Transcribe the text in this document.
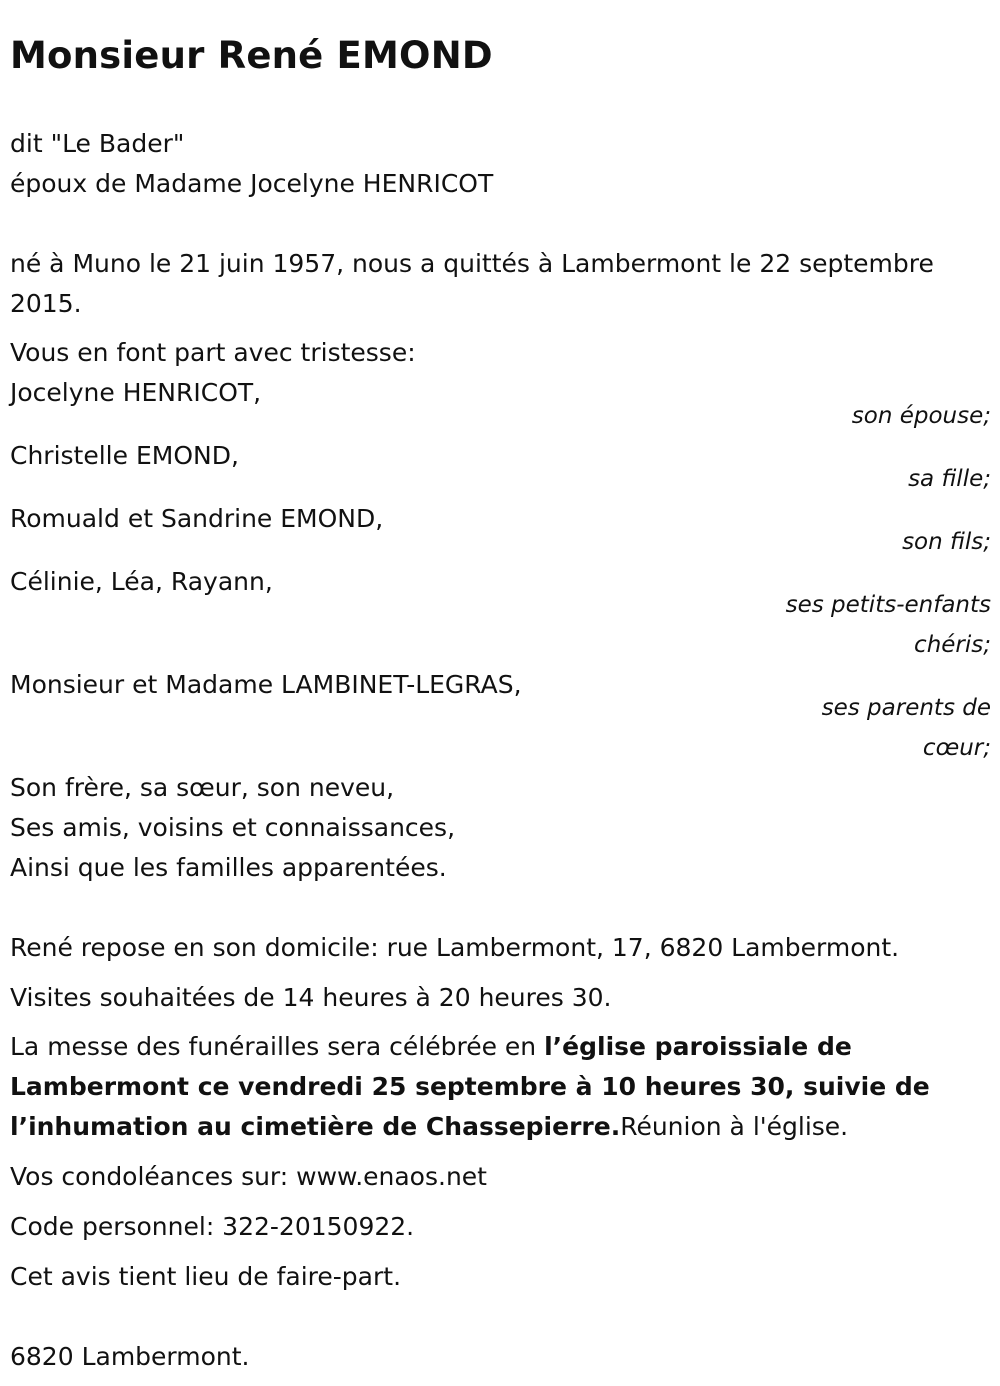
Monsieur René EMOND
dit "Le Bader"
époux de Madame Jocelyne HENRICOT
né à Muno le 21 juin 1957, nous a quittés à Lambermont le 22 septembre 2015.
Vous en font part avec tristesse:
Jocelyne HENRICOT,
son épouse;
Christelle EMOND,
sa fille;
Romuald et Sandrine EMOND,
son fils;
Célinie, Léa, Rayann,
ses petits-enfants
chéris;
Monsieur et Madame LAMBINET-LEGRAS,
ses parents de
cœur;
Son frère, sa sœur, son neveu,
Ses amis, voisins et connaissances,
Ainsi que les familles apparentées.
René repose en son domicile: rue Lambermont, 17, 6820 Lambermont.
Visites souhaitées de 14 heures à 20 heures 30.
La messe des funérailles sera célébrée en l’église paroissiale de Lambermont ce vendredi 25 septembre à 10 heures 30, suivie de l’inhumation au cimetière de Chassepierre.Réunion à l'église.
Vos condoléances sur: www.enaos.net
Code personnel: 322-20150922.
Cet avis tient lieu de faire-part.
6820 Lambermont.
